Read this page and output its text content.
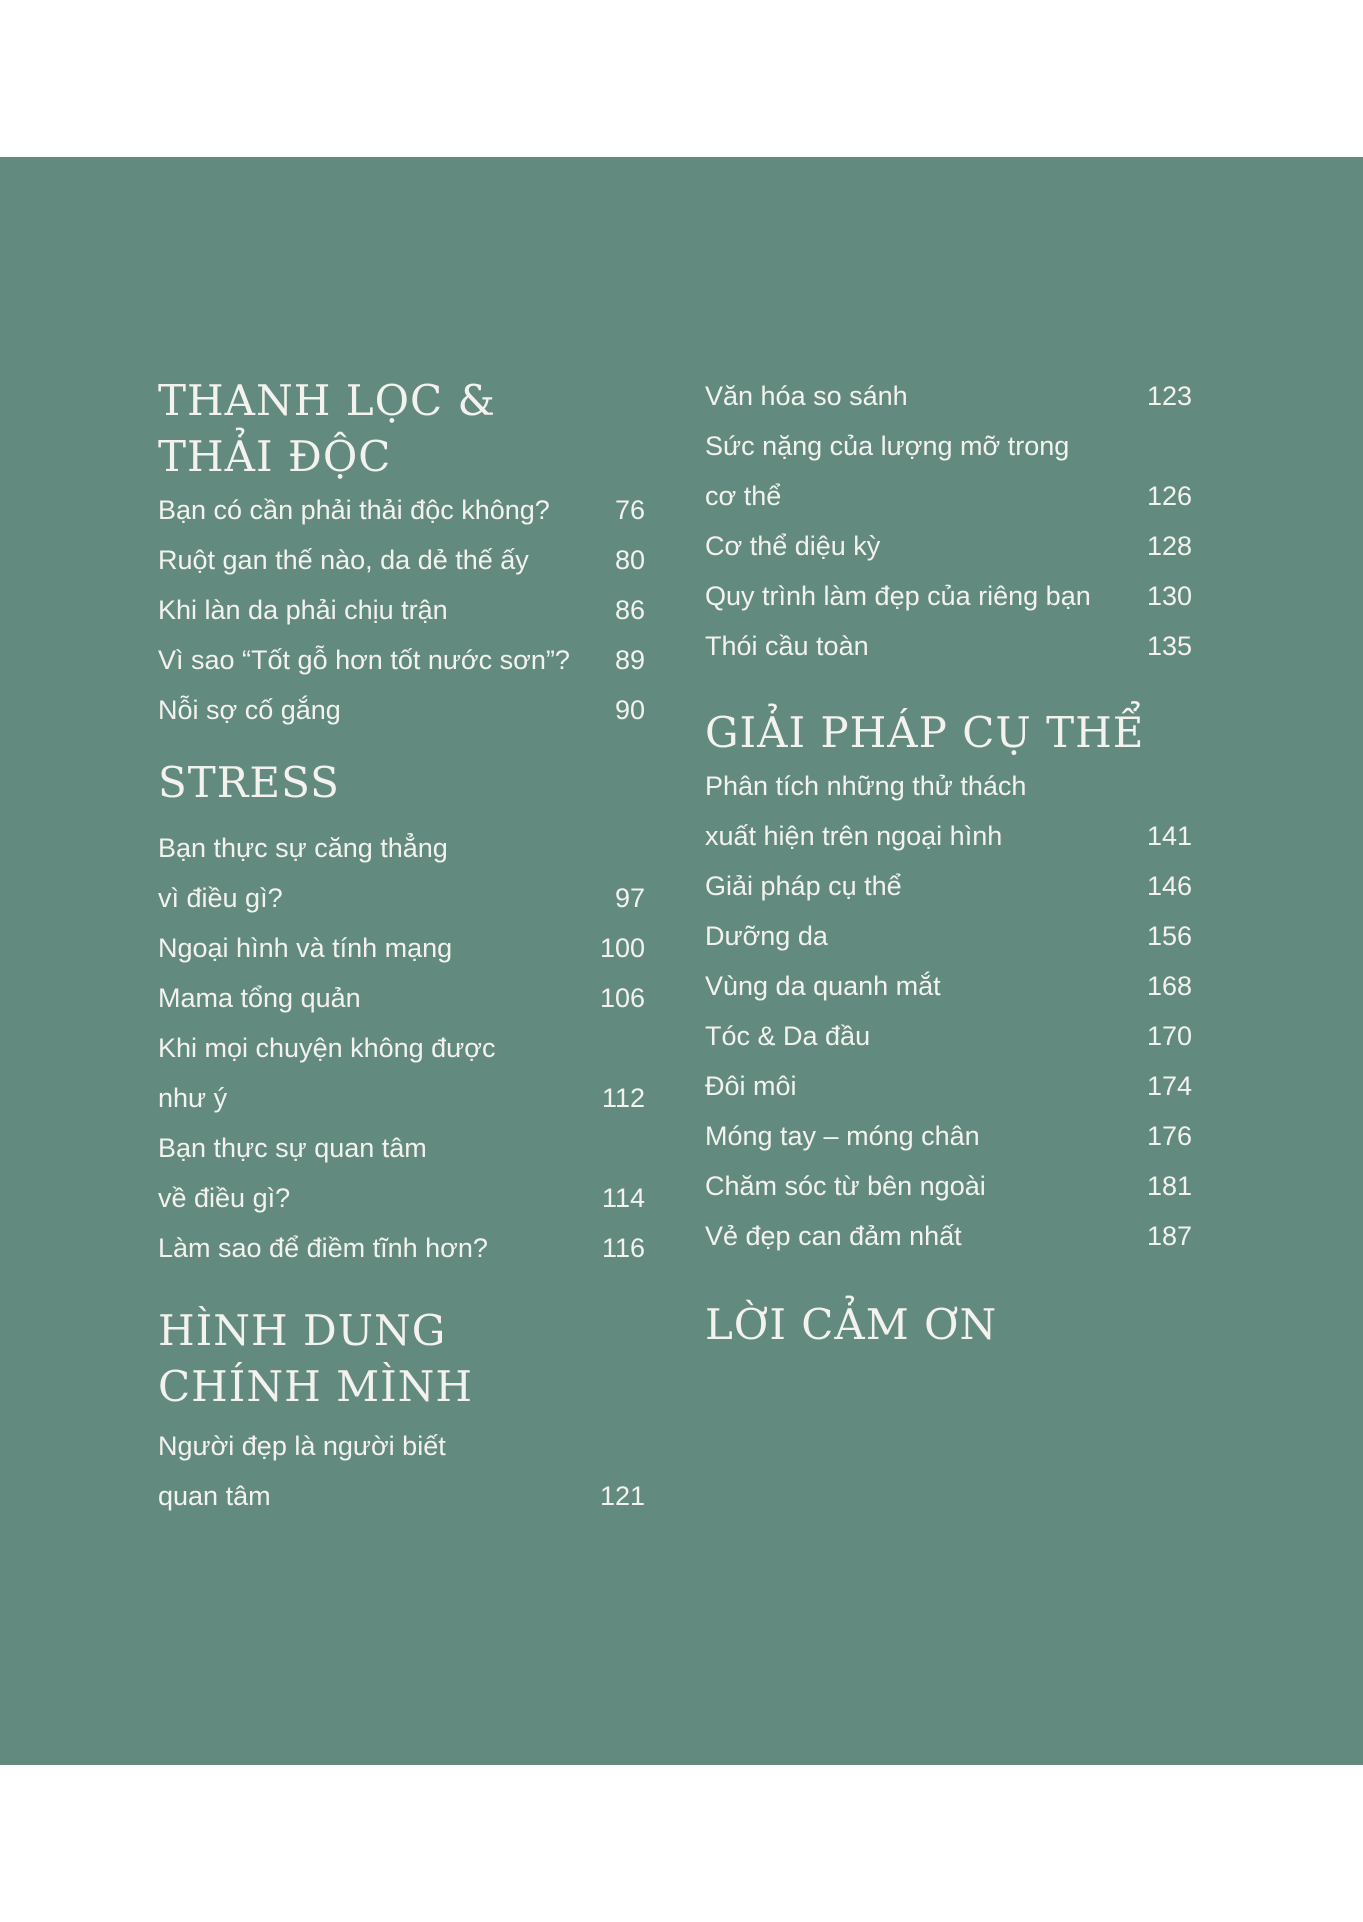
THANH LỌC &
THẢI ĐỘC
Bạn có cần phải thải độc không?	76
Ruột gan thế nào, da dẻ thế ấy	80
Khi làn da phải chịu trận	86
Vì sao “Tốt gỗ hơn tốt nước sơn”?	89
Nỗi sợ cố gắng	90
STRESS
Bạn thực sự căng thẳng
vì điều gì?	97
Ngoại hình và tính mạng	100
Mama tổng quản	106
Khi mọi chuyện không được
như ý	112
Bạn thực sự quan tâm
về điều gì?	114
Làm sao để điềm tĩnh hơn?	116
HÌNH DUNG
CHÍNH MÌNH
Người đẹp là người biết
quan tâm	121
Văn hóa so sánh	123
Sức nặng của lượng mỡ trong
cơ thể	126
Cơ thể diệu kỳ	128
Quy trình làm đẹp của riêng bạn	130
Thói cầu toàn	135
GIẢI PHÁP CỤ THỂ
Phân tích những thử thách
xuất hiện trên ngoại hình	141
Giải pháp cụ thể	146
Dưỡng da	156
Vùng da quanh mắt	168
Tóc & Da đầu	170
Đôi môi	174
Móng tay – móng chân	176
Chăm sóc từ bên ngoài	181
Vẻ đẹp can đảm nhất	187
LỜI CẢM ƠN
